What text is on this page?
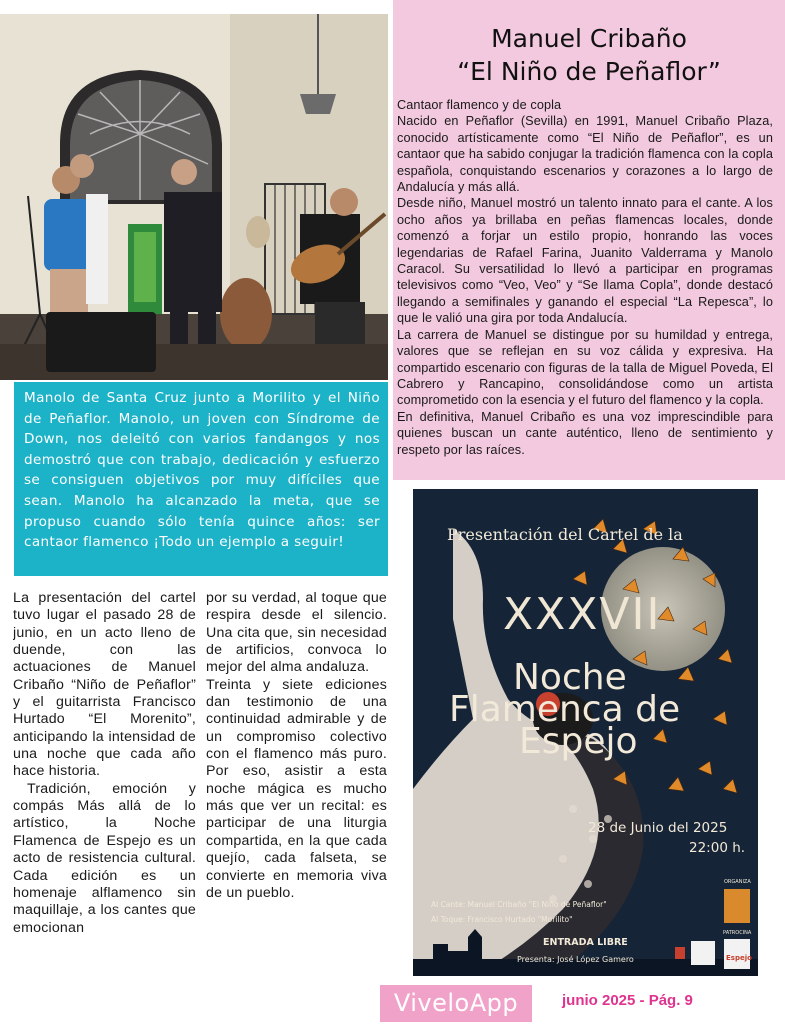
Manolo de Santa Cruz junto a Morilito y el Niño de Peñaflor. Manolo, un joven con Síndrome de Down, nos deleitó con varios fandangos y nos demostró que con trabajo, dedicación y esfuerzo se consiguen objetivos por muy difíciles que sean. Manolo ha alcanzado la meta, que se propuso cuando sólo tenía quince años: ser cantaor flamenco ¡Todo un ejemplo a seguir!
Manuel Cribaño
“El Niño de Peñaflor”

Cantaor flamenco y de copla

Nacido en Peñaflor (Sevilla) en 1991, Manuel Cribaño Plaza, conocido artísticamente como “El Niño de Peñaflor”, es un cantaor que ha sabido conjugar la tradición flamenca con la copla española, conquistando escenarios y corazones a lo largo de Andalucía y más allá.

Desde niño, Manuel mostró un talento innato para el cante. A los ocho años ya brillaba en peñas flamencas locales, donde comenzó a forjar un estilo propio, honrando las voces legendarias de Rafael Farina, Juanito Valderrama y Manolo Caracol. Su versatilidad lo llevó a participar en programas televisivos como “Veo, Veo” y “Se llama Copla”, donde destacó llegando a semifinales y ganando el especial “La Repesca”, lo que le valió una gira por toda Andalucía.

La carrera de Manuel se distingue por su humildad y entrega, valores que se reflejan en su voz cálida y expresiva. Ha compartido escenario con figuras de la talla de Miguel Poveda, El Cabrero y Rancapino, consolidándose como un artista comprometido con la esencia y el futuro del flamenco y la copla.

En definitiva, Manuel Cribaño es una voz imprescindible para quienes buscan un cante auténtico, lleno de sentimiento y respeto por las raíces.

La presentación del cartel tuvo lugar el pasado 28 de junio, en un acto lleno de duende, con las actuaciones de Manuel Cribaño “Niño de Peñaflor” y el guitarrista Francisco Hurtado “El Morenito”, anticipando la intensidad de una noche que cada año hace historia.

Tradición, emoción y compás Más allá de lo artístico, la Noche Flamenca de Espejo es un acto de resistencia cultural. Cada edición es un homenaje alflamenco sin maquillaje, a los cantes que emocionan

por su verdad, al toque que respira desde el silencio. Una cita que, sin necesidad de artificios, convoca lo mejor del alma andaluza.

Treinta y siete ediciones dan testimonio de una continuidad admirable y de un compromiso colectivo con el flamenco más puro. Por eso, asistir a esta noche mágica es mucho más que ver un recital: es participar de una liturgia compartida, en la que cada quejío, cada falseta, se convierte en memoria viva de un pueblo.

Presentación del Cartel de la
XXXVII
Noche
Flamenca de
Espejo
28 de Junio del 2025
22:00 h.
Al Cante: Manuel Cribaño "El Niño de Peñaflor"
Al Toque: Francisco Hurtado "Morilito"
ENTRADA LIBRE
Presenta: José López Gamero
ORGANIZA
PATROCINA
Espejo
ViveloApp	junio 2025 - Pág. 9
